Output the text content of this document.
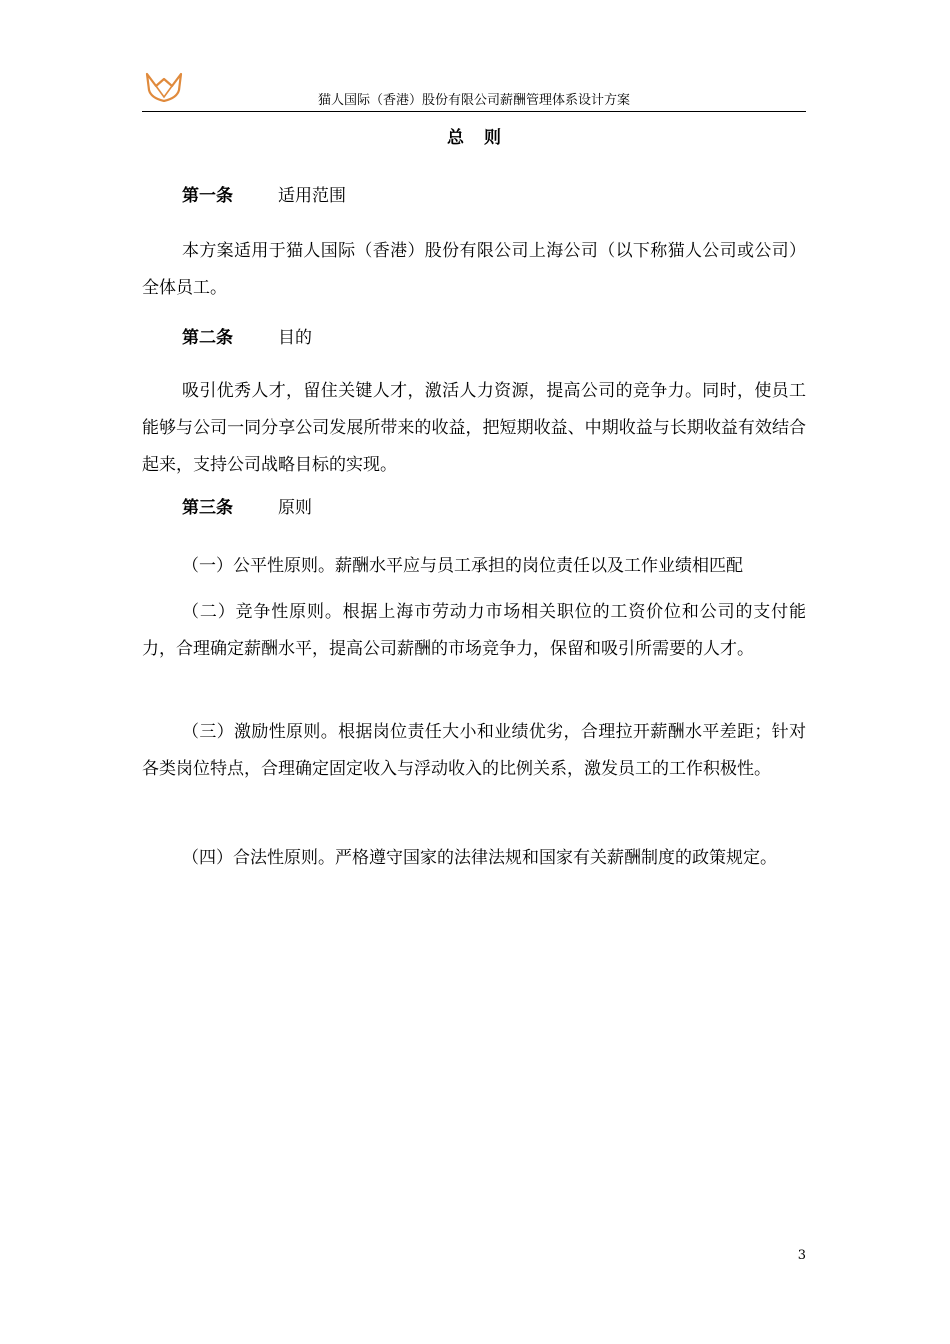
猫人国际（香港）股份有限公司薪酬管理体系设计方案
总则
第一条	适用范围
本方案适用于猫人国际（香港）股份有限公司上海公司（以下称猫人公司或公司）全体员工。
第二条	目的
吸引优秀人才，留住关键人才，激活人力资源，提高公司的竞争力。同时，使员工能够与公司一同分享公司发展所带来的收益，把短期收益、中期收益与长期收益有效结合起来，支持公司战略目标的实现。
第三条	原则
（一）公平性原则。薪酬水平应与员工承担的岗位责任以及工作业绩相匹配
（二）竞争性原则。根据上海市劳动力市场相关职位的工资价位和公司的支付能力，合理确定薪酬水平，提高公司薪酬的市场竞争力，保留和吸引所需要的人才。
（三）激励性原则。根据岗位责任大小和业绩优劣，合理拉开薪酬水平差距；针对各类岗位特点，合理确定固定收入与浮动收入的比例关系，激发员工的工作积极性。
（四）合法性原则。严格遵守国家的法律法规和国家有关薪酬制度的政策规定。
3
